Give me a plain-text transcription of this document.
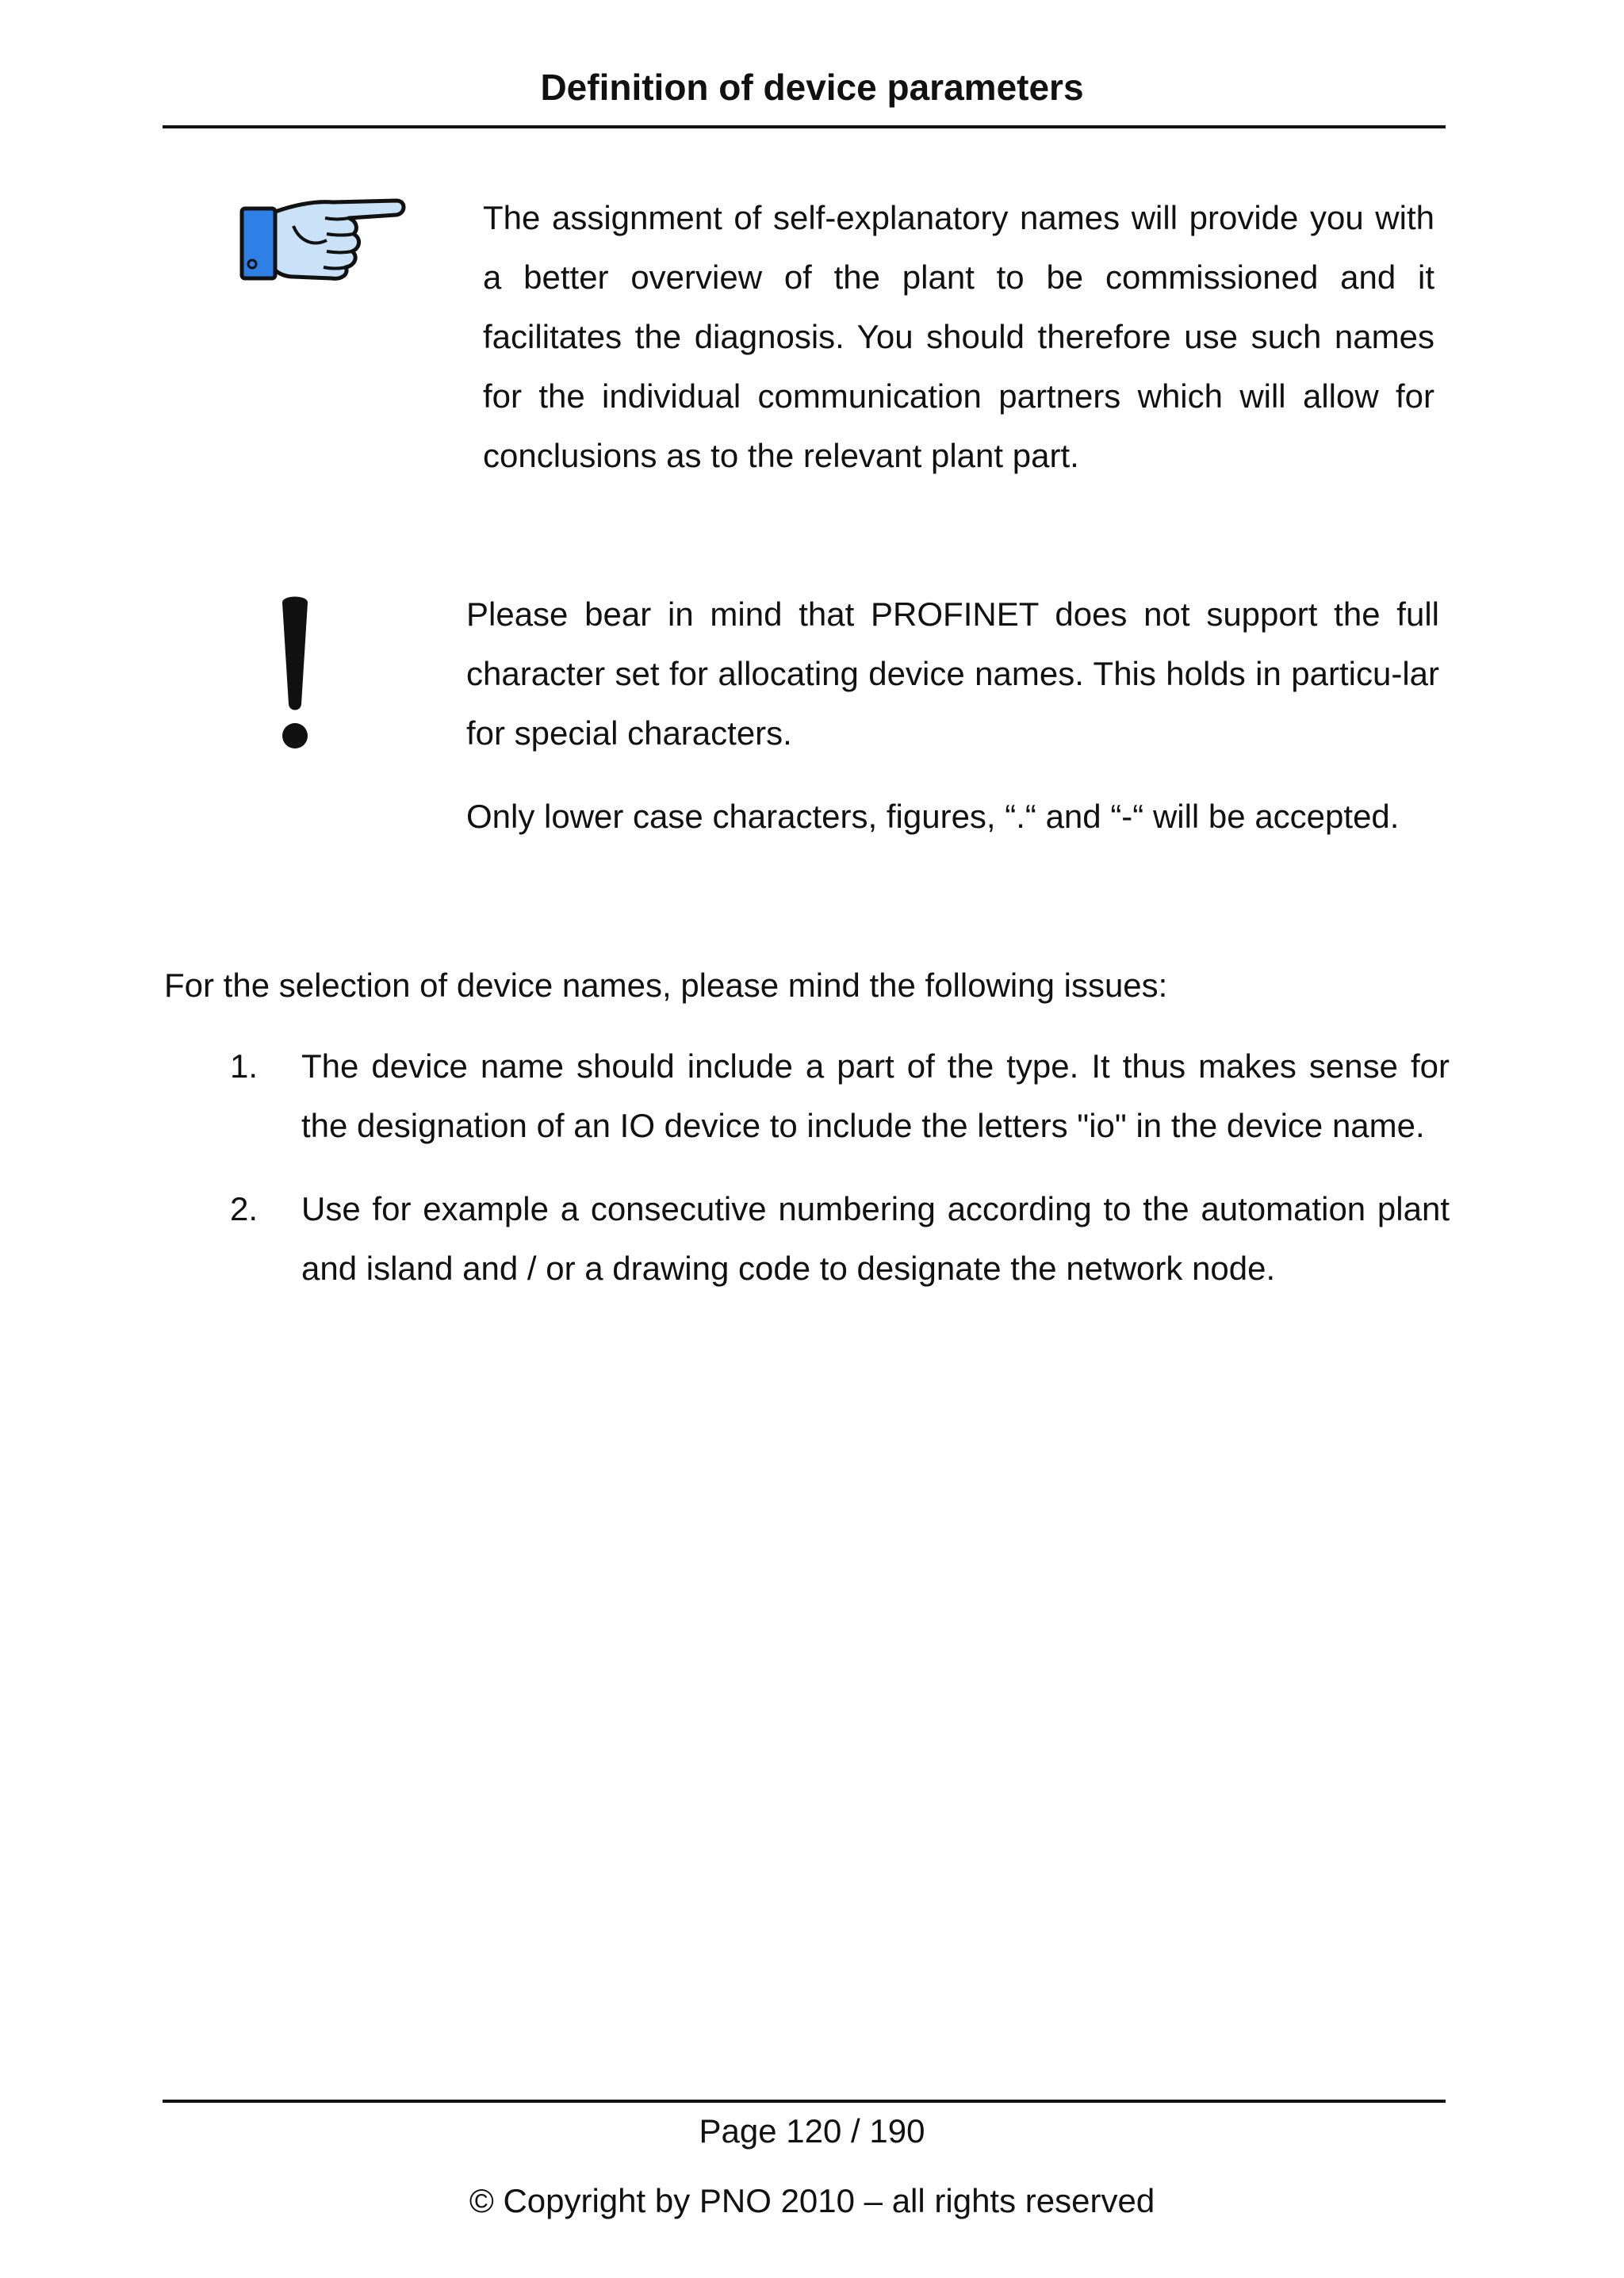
Definition of device parameters

The assignment of self-explanatory names will provide you with a better overview of the plant to be commissioned and it facilitates the diagnosis. You should therefore use such names for the individual communication partners which will allow for conclusions as to the relevant plant part.

Please bear in mind that PROFINET does not support the full character set for allocating device names. This holds in particu-lar for special characters.

Only lower case characters, figures, “.“ and “-“ will be accepted.

For the selection of device names, please mind the following issues:
1. The device name should include a part of the type. It thus makes sense for the designation of an IO device to include the letters "io" in the device name.
2. Use for example a consecutive numbering according to the automation plant and island and / or a drawing code to designate the network node.
Page 120 / 190
© Copyright by PNO 2010 – all rights reserved
